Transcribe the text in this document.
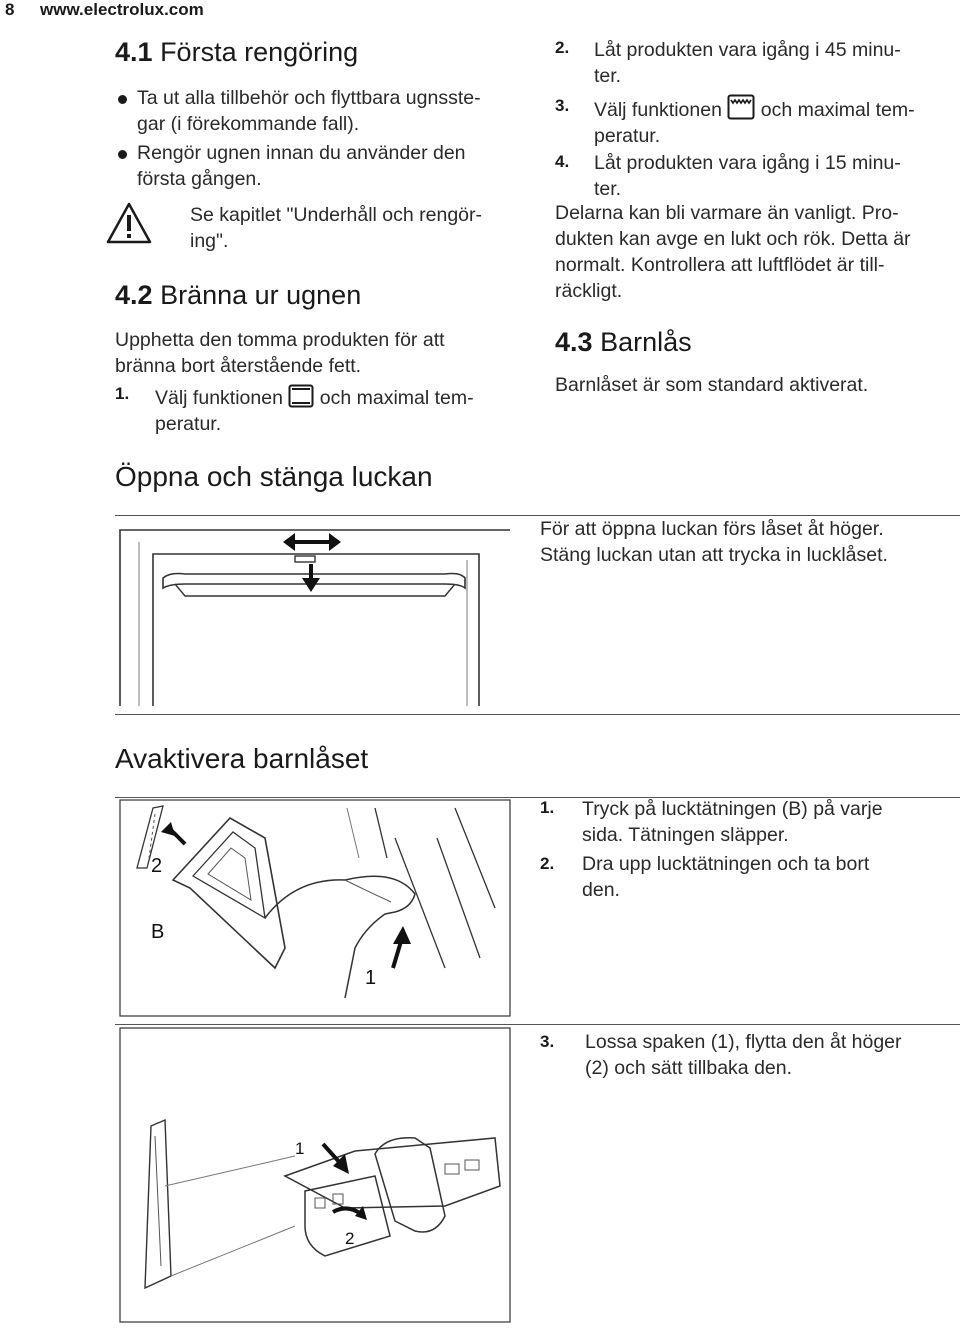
8 www.electrolux.com
4.1 Första rengöring
Ta ut alla tillbehör och flyttbara ugnsste-
gar (i förekommande fall).
Rengör ugnen innan du använder den
första gången.
Se kapitlet "Underhåll och rengör-
ing".
4.2 Bränna ur ugnen
Upphetta den tomma produkten för att
bränna bort återstående fett.
1. Välj funktionen och maximal tem-
peratur.
2. Låt produkten vara igång i 45 minu-
ter.
3. Välj funktionen och maximal tem-
peratur.
4. Låt produkten vara igång i 15 minu-
ter.
Delarna kan bli varmare än vanligt. Pro-
dukten kan avge en lukt och rök. Detta är
normalt. Kontrollera att luftflödet är till-
räckligt.
4.3 Barnlås
Barnlåset är som standard aktiverat.
Öppna och stänga luckan
För att öppna luckan förs låset åt höger.
Stäng luckan utan att trycka in lucklåset.
Avaktivera barnlåset
2
B
1
1. Tryck på lucktätningen (B) på varje
sida. Tätningen släpper.
2. Dra upp lucktätningen och ta bort
den.
1
2
3. Lossa spaken (1), flytta den åt höger
(2) och sätt tillbaka den.
